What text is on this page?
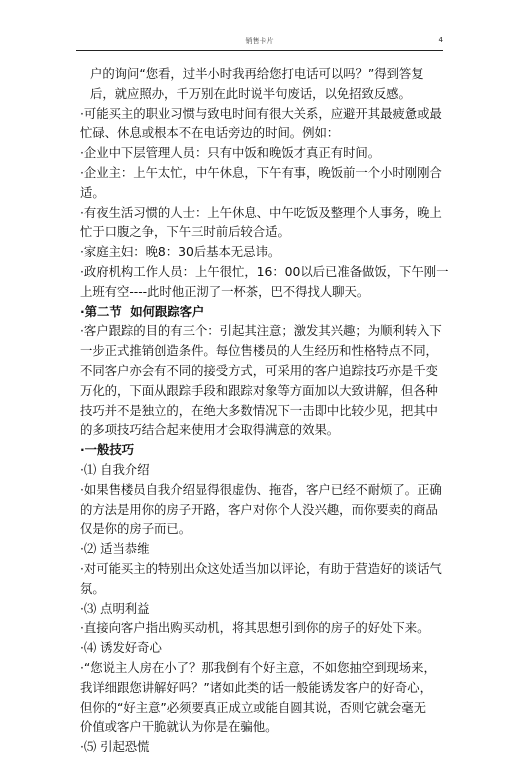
销售卡片	4
户的询问“您看，过半小时我再给您打电话可以吗？”得到答复
后，就应照办，千万别在此时说半句废话，以免招致反感。
·可能买主的职业习惯与致电时间有很大关系，应避开其最疲惫或最
忙碌、休息或根本不在电话旁边的时间。例如：
·企业中下层管理人员：只有中饭和晚饭才真正有时间。
·企业主：上午太忙，中午休息，下午有事，晚饭前一个小时刚刚合
适。
·有夜生活习惯的人士：上午休息、中午吃饭及整理个人事务，晚上
忙于口腹之争，下午三时前后较合适。
·家庭主妇：晚8：30后基本无忌讳。
·政府机构工作人员：上午很忙，16：00以后已准备做饭，下午刚一
上班有空----此时他正沏了一杯茶，巴不得找人聊天。
·第二节  如何跟踪客户
·客户跟踪的目的有三个：引起其注意；激发其兴趣；为顺利转入下
一步正式推销创造条件。每位售楼员的人生经历和性格特点不同，
不同客户亦会有不同的接受方式，可采用的客户追踪技巧亦是千变
万化的，下面从跟踪手段和跟踪对象等方面加以大致讲解，但各种
技巧并不是独立的，在绝大多数情况下一击即中比较少见，把其中
的多项技巧结合起来使用才会取得满意的效果。
·一般技巧
·⑴ 自我介绍
·如果售楼员自我介绍显得很虚伪、拖沓，客户已经不耐烦了。正确
的方法是用你的房子开路，客户对你个人没兴趣，而你要卖的商品
仅是你的房子而已。
·⑵ 适当恭维
·对可能买主的特别出众这处适当加以评论，有助于营造好的谈话气
氛。
·⑶ 点明利益
·直接向客户指出购买动机，将其思想引到你的房子的好处下来。
·⑷ 诱发好奇心
·“您说主人房在小了？那我倒有个好主意，不如您抽空到现场来，
我详细跟您讲解好吗？”诸如此类的话一般能诱发客户的好奇心，
但你的“好主意”必须要真正成立或能自圆其说，否则它就会毫无
价值或客户干脆就认为你是在骗他。
·⑸ 引起恐慌
